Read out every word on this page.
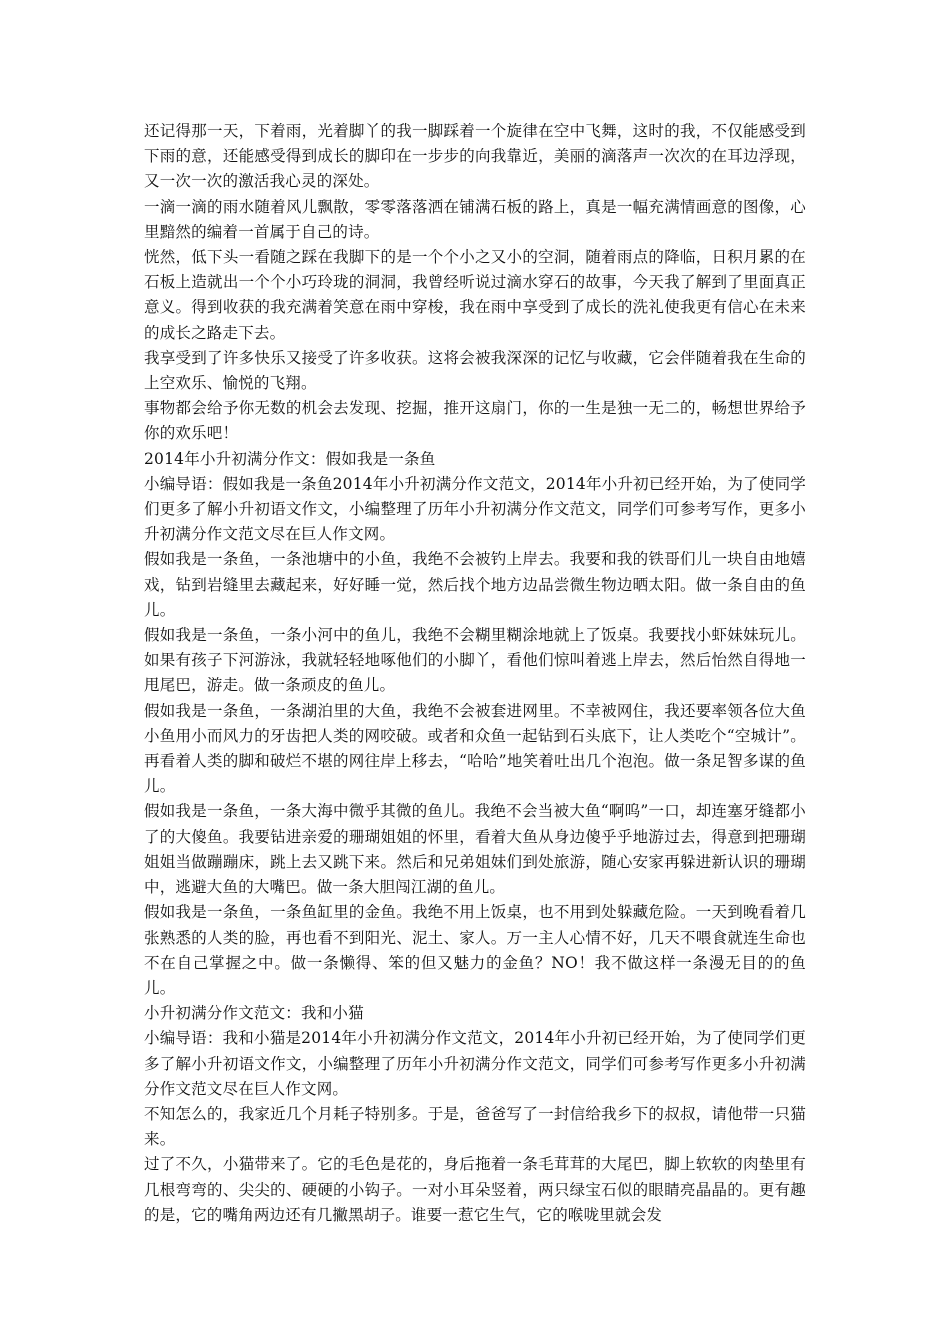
还记得那一天，下着雨，光着脚丫的我一脚踩着一个旋律在空中飞舞，这时的我，不仅能感受到下雨的意，还能感受得到成长的脚印在一步步的向我靠近，美丽的滴落声一次次的在耳边浮现，又一次一次的激活我心灵的深处。

一滴一滴的雨水随着风儿飘散，零零落落洒在铺满石板的路上，真是一幅充满情画意的图像，心里黯然的编着一首属于自己的诗。

恍然，低下头一看随之踩在我脚下的是一个个小之又小的空洞，随着雨点的降临，日积月累的在石板上造就出一个个小巧玲珑的洞洞，我曾经听说过滴水穿石的故事，今天我了解到了里面真正意义。得到收获的我充满着笑意在雨中穿梭，我在雨中享受到了成长的洗礼使我更有信心在未来的成长之路走下去。

我享受到了许多快乐又接受了许多收获。这将会被我深深的记忆与收藏，它会伴随着我在生命的上空欢乐、愉悦的飞翔。

事物都会给予你无数的机会去发现、挖掘，推开这扇门，你的一生是独一无二的，畅想世界给予你的欢乐吧！

2014年小升初满分作文：假如我是一条鱼

小编导语：假如我是一条鱼2014年小升初满分作文范文，2014年小升初已经开始，为了使同学们更多了解小升初语文作文，小编整理了历年小升初满分作文范文，同学们可参考写作，更多小升初满分作文范文尽在巨人作文网。

假如我是一条鱼，一条池塘中的小鱼，我绝不会被钓上岸去。我要和我的铁哥们儿一块自由地嬉戏，钻到岩缝里去藏起来，好好睡一觉，然后找个地方边品尝微生物边晒太阳。做一条自由的鱼儿。

假如我是一条鱼，一条小河中的鱼儿，我绝不会糊里糊涂地就上了饭桌。我要找小虾妹妹玩儿。如果有孩子下河游泳，我就轻轻地啄他们的小脚丫，看他们惊叫着逃上岸去，然后怡然自得地一甩尾巴，游走。做一条顽皮的鱼儿。

假如我是一条鱼，一条湖泊里的大鱼，我绝不会被套进网里。不幸被网住，我还要率领各位大鱼小鱼用小而风力的牙齿把人类的网咬破。或者和众鱼一起钻到石头底下，让人类吃个“空城计”。再看着人类的脚和破烂不堪的网往岸上移去，“哈哈”地笑着吐出几个泡泡。做一条足智多谋的鱼儿。

假如我是一条鱼，一条大海中微乎其微的鱼儿。我绝不会当被大鱼“啊呜”一口，却连塞牙缝都小了的大傻鱼。我要钻进亲爱的珊瑚姐姐的怀里，看着大鱼从身边傻乎乎地游过去，得意到把珊瑚姐姐当做蹦蹦床，跳上去又跳下来。然后和兄弟姐妹们到处旅游，随心安家再躲进新认识的珊瑚中，逃避大鱼的大嘴巴。做一条大胆闯江湖的鱼儿。

假如我是一条鱼，一条鱼缸里的金鱼。我绝不用上饭桌，也不用到处躲藏危险。一天到晚看着几张熟悉的人类的脸，再也看不到阳光、泥土、家人。万一主人心情不好，几天不喂食就连生命也不在自己掌握之中。做一条懒得、笨的但又魅力的金鱼？NO！我不做这样一条漫无目的的鱼儿。

小升初满分作文范文：我和小猫

小编导语：我和小猫是2014年小升初满分作文范文，2014年小升初已经开始，为了使同学们更多了解小升初语文作文，小编整理了历年小升初满分作文范文，同学们可参考写作更多小升初满分作文范文尽在巨人作文网。

不知怎么的，我家近几个月耗子特别多。于是，爸爸写了一封信给我乡下的叔叔，请他带一只猫来。

过了不久，小猫带来了。它的毛色是花的，身后拖着一条毛茸茸的大尾巴，脚上软软的肉垫里有几根弯弯的、尖尖的、硬硬的小钩子。一对小耳朵竖着，两只绿宝石似的眼睛亮晶晶的。更有趣的是，它的嘴角两边还有几撇黑胡子。谁要一惹它生气，它的喉咙里就会发
